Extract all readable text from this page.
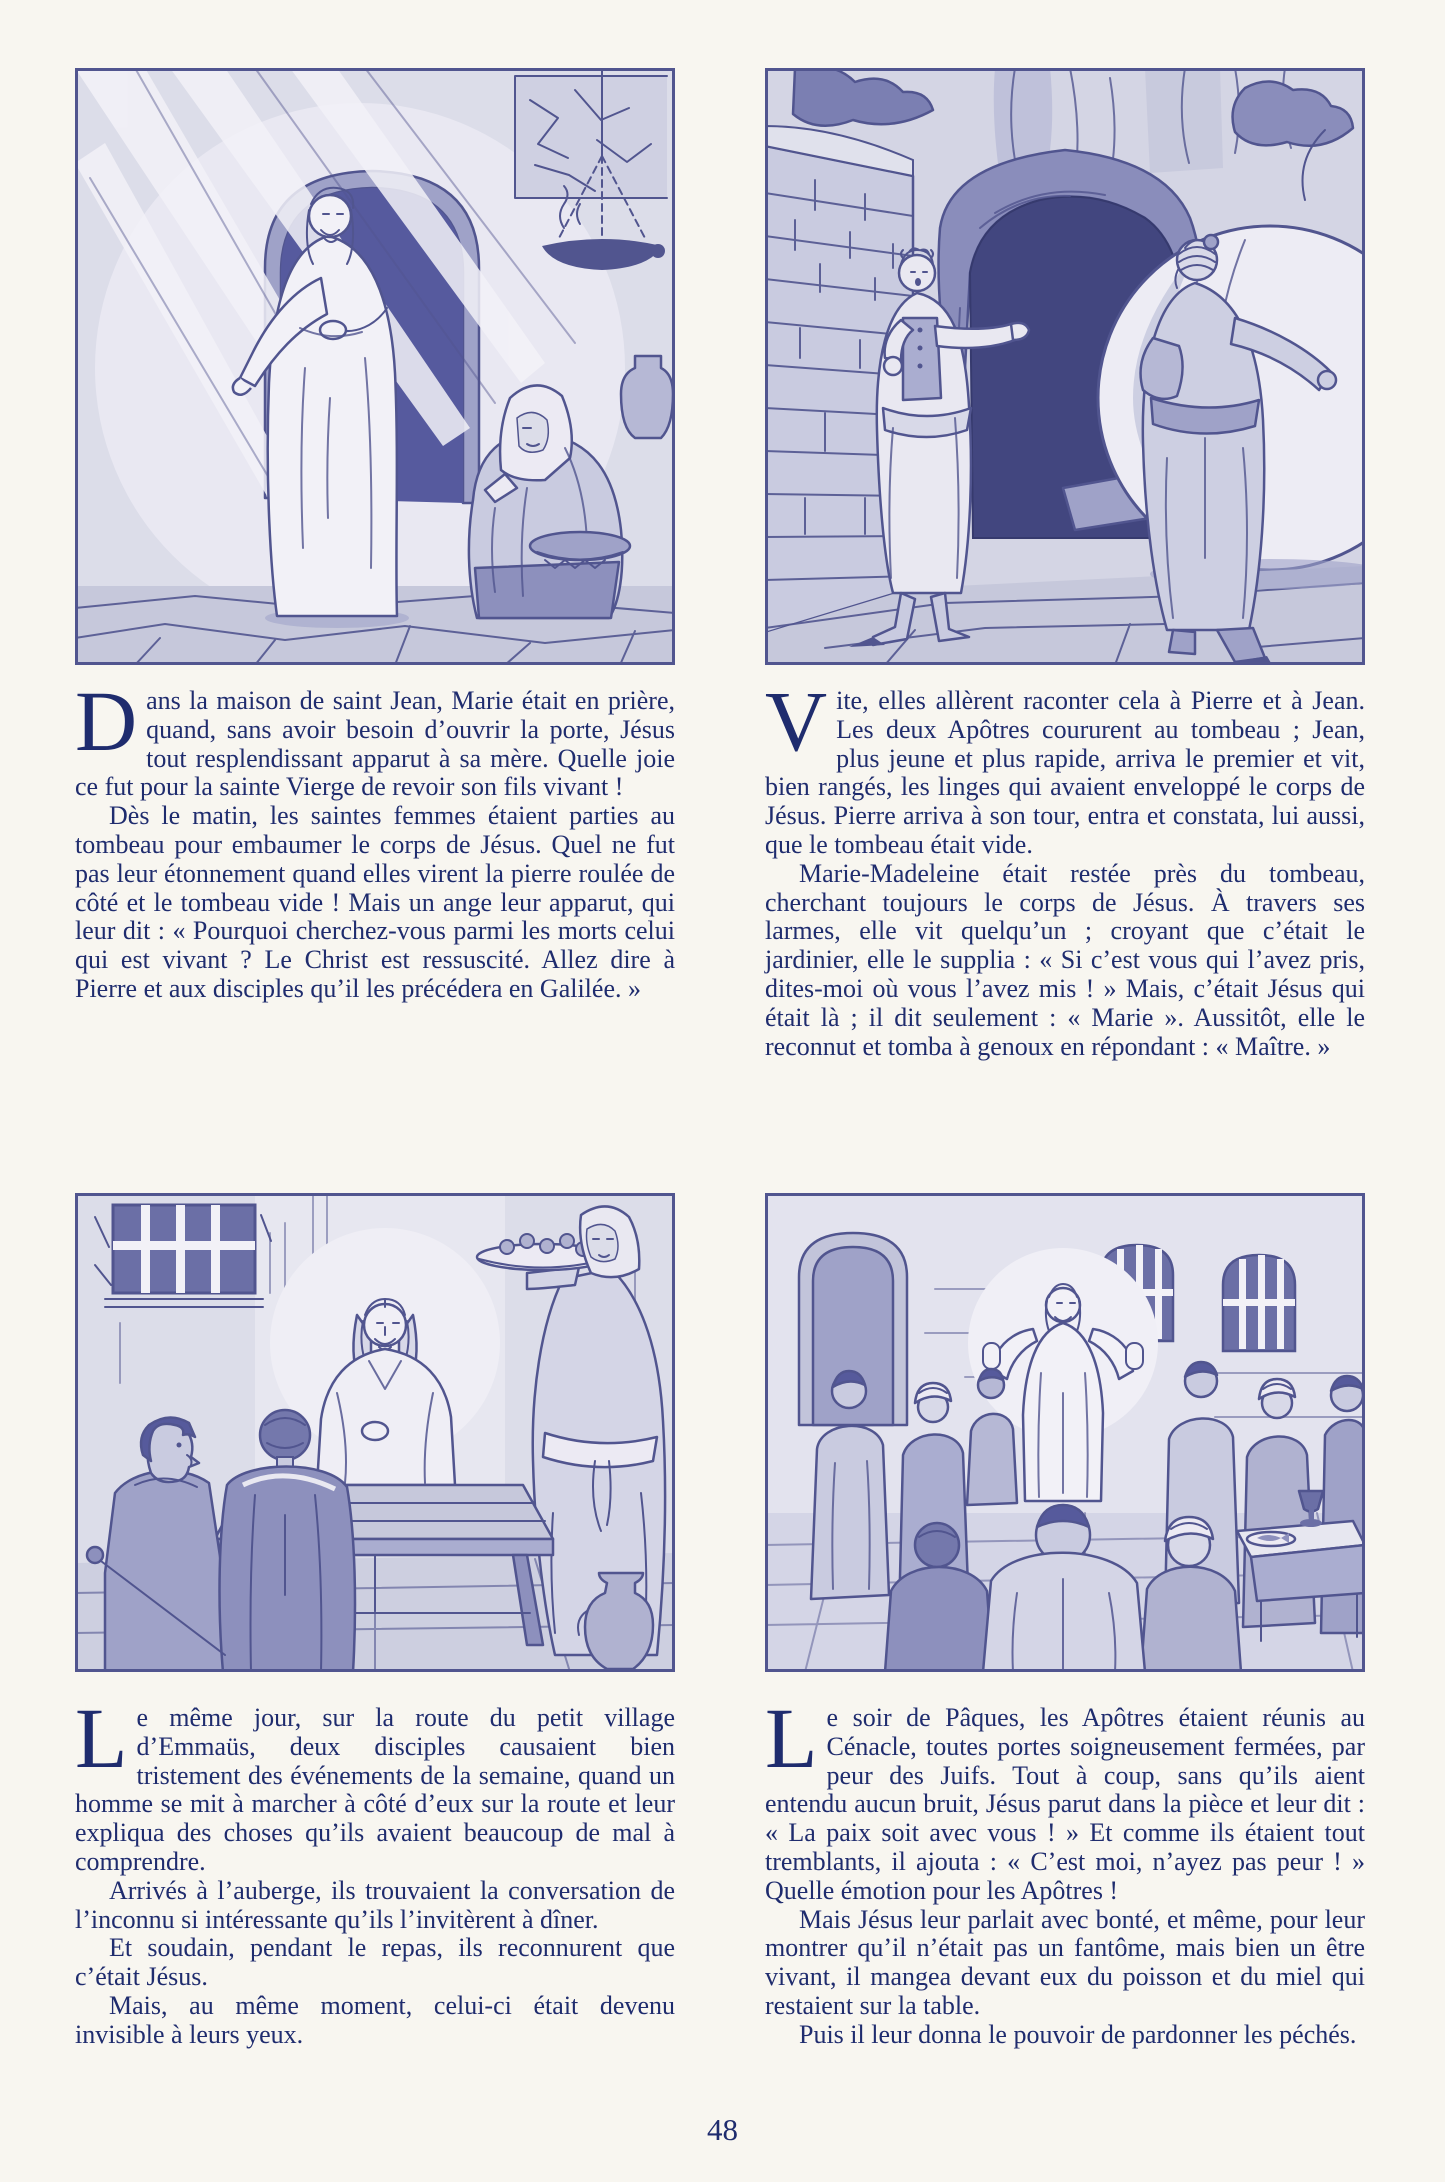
Dans la maison de saint Jean, Marie était en prière, quand, sans avoir besoin d’ouvrir la porte, Jésus tout resplendissant apparut à sa mère. Quelle joie ce fut pour la sainte Vierge de revoir son fils vivant !

Dès le matin, les saintes femmes étaient parties au tombeau pour embaumer le corps de Jésus. Quel ne fut pas leur étonnement quand elles virent la pierre roulée de côté et le tombeau vide ! Mais un ange leur apparut, qui leur dit : « Pourquoi cherchez-vous parmi les morts celui qui est vivant ? Le Christ est ressuscité. Allez dire à Pierre et aux disciples qu’il les précédera en Galilée. »

Vite, elles allèrent raconter cela à Pierre et à Jean. Les deux Apôtres coururent au tombeau ; Jean, plus jeune et plus rapide, arriva le premier et vit, bien rangés, les linges qui avaient enveloppé le corps de Jésus. Pierre arriva à son tour, entra et constata, lui aussi, que le tombeau était vide.

Marie-Madeleine était restée près du tombeau, cherchant toujours le corps de Jésus. À travers ses larmes, elle vit quelqu’un ; croyant que c’était le jardinier, elle le supplia : « Si c’est vous qui l’avez pris, dites-moi où vous l’avez mis ! » Mais, c’était Jésus qui était là ; il dit seulement : « Marie ». Aussitôt, elle le reconnut et tomba à genoux en répondant : « Maître. »

Le même jour, sur la route du petit village d’Emmaüs, deux disciples causaient bien tristement des événements de la semaine, quand un homme se mit à marcher à côté d’eux sur la route et leur expliqua des choses qu’ils avaient beaucoup de mal à comprendre.

Arrivés à l’auberge, ils trouvaient la conversation de l’inconnu si intéressante qu’ils l’invitèrent à dîner.

Et soudain, pendant le repas, ils reconnurent que c’était Jésus.

Mais, au même moment, celui-ci était devenu invisible à leurs yeux.

Le soir de Pâques, les Apôtres étaient réunis au Cénacle, toutes portes soigneusement fermées, par peur des Juifs. Tout à coup, sans qu’ils aient entendu aucun bruit, Jésus parut dans la pièce et leur dit : « La paix soit avec vous ! » Et comme ils étaient tout tremblants, il ajouta : « C’est moi, n’ayez pas peur ! » Quelle émotion pour les Apôtres !

Mais Jésus leur parlait avec bonté, et même, pour leur montrer qu’il n’était pas un fantôme, mais bien un être vivant, il mangea devant eux du poisson et du miel qui restaient sur la table.

Puis il leur donna le pouvoir de pardonner les péchés.

48
